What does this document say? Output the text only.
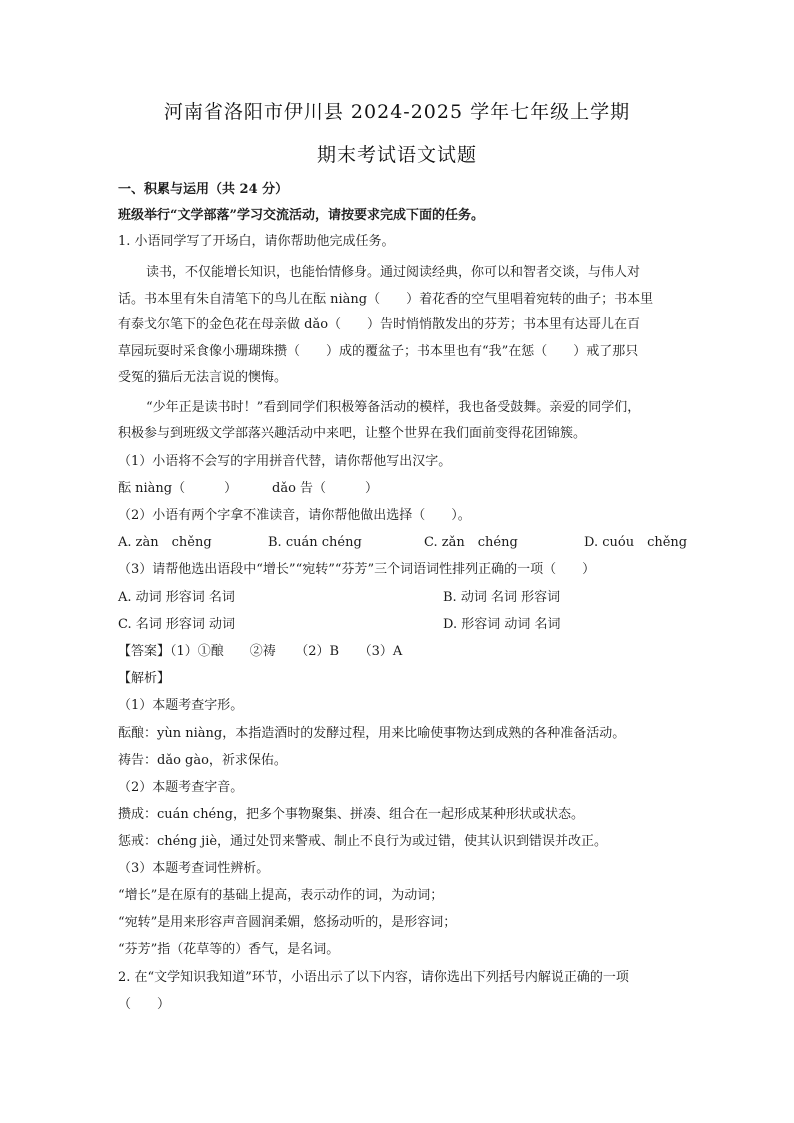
河南省洛阳市伊川县 2024-2025 学年七年级上学期
期末考试语文试题
一、积累与运用（共 24 分）
班级举行“文学部落”学习交流活动，请按要求完成下面的任务。
1. 小语同学写了开场白，请你帮助他完成任务。
读书，不仅能增长知识，也能怡情修身。通过阅读经典，你可以和智者交谈，与伟人对
话。书本里有朱自清笔下的鸟儿在酝 niàng（　　）着花香的空气里唱着宛转的曲子；书本里
有泰戈尔笔下的金色花在母亲做 dǎo（　　）告时悄悄散发出的芬芳；书本里有达哥儿在百
草园玩耍时采食像小珊瑚珠攒（　　）成的覆盆子；书本里也有“我”在惩（　　）戒了那只
受冤的猫后无法言说的懊悔。
“少年正是读书时！”看到同学们积极筹备活动的模样，我也备受鼓舞。亲爱的同学们，
积极参与到班级文学部落兴趣活动中来吧，让整个世界在我们面前变得花团锦簇。
（1）小语将不会写的字用拼音代替，请你帮他写出汉字。
酝 niàng（　　　）	dǎo 告（　　　）
（2）小语有两个字拿不准读音，请你帮他做出选择（　　）。
A. zàn　chěng	B. cuán chéng	C. zǎn　chéng	D. cuóu　chěng
（3）请帮他选出语段中“增长”“宛转”“芬芳”三个词语词性排列正确的一项（　　）
A. 动词 形容词 名词	B. 动词 名词 形容词
C. 名词 形容词 动词	D. 形容词 动词 名词
【答案】（1）①酿　　②祷　　（2）B　　（3）A
【解析】
（1）本题考查字形。
酝酿：yùn niàng，本指造酒时的发酵过程，用来比喻使事物达到成熟的各种准备活动。
祷告：dǎo gào，祈求保佑。
（2）本题考查字音。
攒成：cuán chéng，把多个事物聚集、拼凑、组合在一起形成某种形状或状态。
惩戒：chéng jiè，通过处罚来警戒、制止不良行为或过错，使其认识到错误并改正。
（3）本题考查词性辨析。
“增长”是在原有的基础上提高，表示动作的词，为动词；
“宛转”是用来形容声音圆润柔媚，悠扬动听的，是形容词；
“芬芳”指（花草等的）香气，是名词。
2. 在“文学知识我知道”环节，小语出示了以下内容，请你选出下列括号内解说正确的一项
（　　）
